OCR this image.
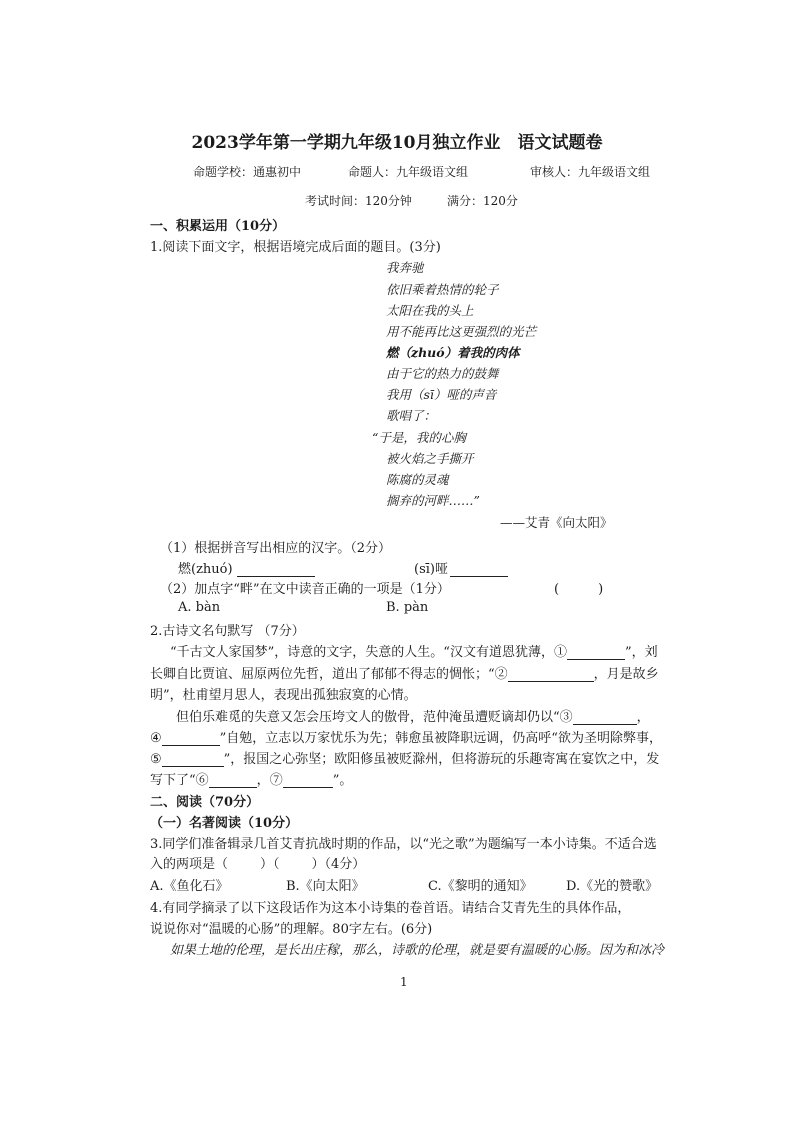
2023学年第一学期九年级10月独立作业　语文试题卷
命题学校：通惠初中	命题人：九年级语文组	审核人：九年级语文组
考试时间：120分钟	满分：120分
一、积累运用（10分）
1.阅读下面文字，根据语境完成后面的题目。(3分)
我奔驰
依旧乘着热情的轮子
太阳在我的头上
用不能再比这更强烈的光芒
燃（zhuó）着我的肉体
由于它的热力的鼓舞
我用（sī）哑的声音
歌唱了：
“于是，我的心胸
被火焰之手撕开
陈腐的灵魂
搁弃的河畔……”
——艾青《向太阳》
（1）根据拼音写出相应的汉字。（2分）
燃(zhuó)	(sī)哑
（2）加点字“畔”在文中读音正确的一项是（1分）	(　　　)
A. bàn	B. pàn
2.古诗文名句默写 （7分）
“千古文人家国梦”，诗意的文字，失意的人生。“汉文有道恩犹薄，①	”，刘
长卿自比贾谊、屈原两位先哲，道出了郁郁不得志的惆怅；“②	，月是故乡
明”，杜甫望月思人，表现出孤独寂寞的心情。
但伯乐难觅的失意又怎会压垮文人的傲骨，范仲淹虽遭贬谪却仍以“③	，
④	”自勉，立志以万家忧乐为先；韩愈虽被降职远调，仍高呼“欲为圣明除弊事，
⑤	”，报国之心弥坚；欧阳修虽被贬滁州，但将游玩的乐趣寄寓在宴饮之中，发
写下了“⑥	，⑦	”。
二、阅读（70分）
（一）名著阅读（10分）
3.同学们准备辑录几首艾青抗战时期的作品，以“光之歌”为题编写一本小诗集。不适合选
入的两项是（ ）（ ）（4分）
A.《鱼化石》	B.《向太阳》	C.《黎明的通知》	D.《光的赞歌》
4.有同学摘录了以下这段话作为这本小诗集的卷首语。请结合艾青先生的具体作品，
说说你对“温暖的心肠”的理解。80字左右。(6分)
如果土地的伦理，是长出庄稼，那么，诗歌的伦理，就是要有温暖的心肠。因为和冰冷
1
